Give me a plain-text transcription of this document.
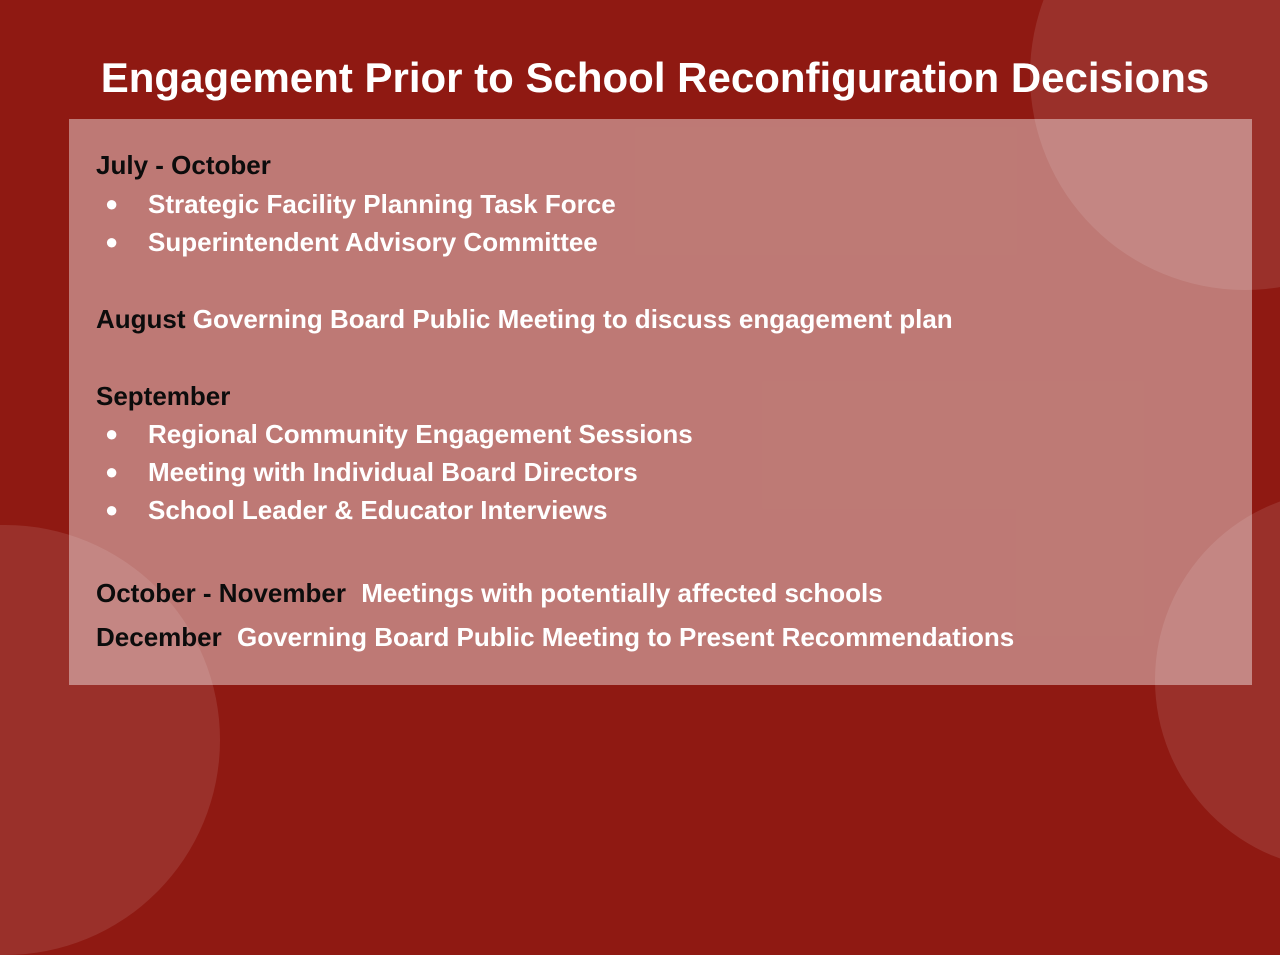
Engagement Prior to School Reconfiguration Decisions
July - October
● Strategic Facility Planning Task Force
● Superintendent Advisory Committee
August Governing Board Public Meeting to discuss engagement plan
September
● Regional Community Engagement Sessions
● Meeting with Individual Board Directors
● School Leader & Educator Interviews
October - November Meetings with potentially affected schools
December Governing Board Public Meeting to Present Recommendations
